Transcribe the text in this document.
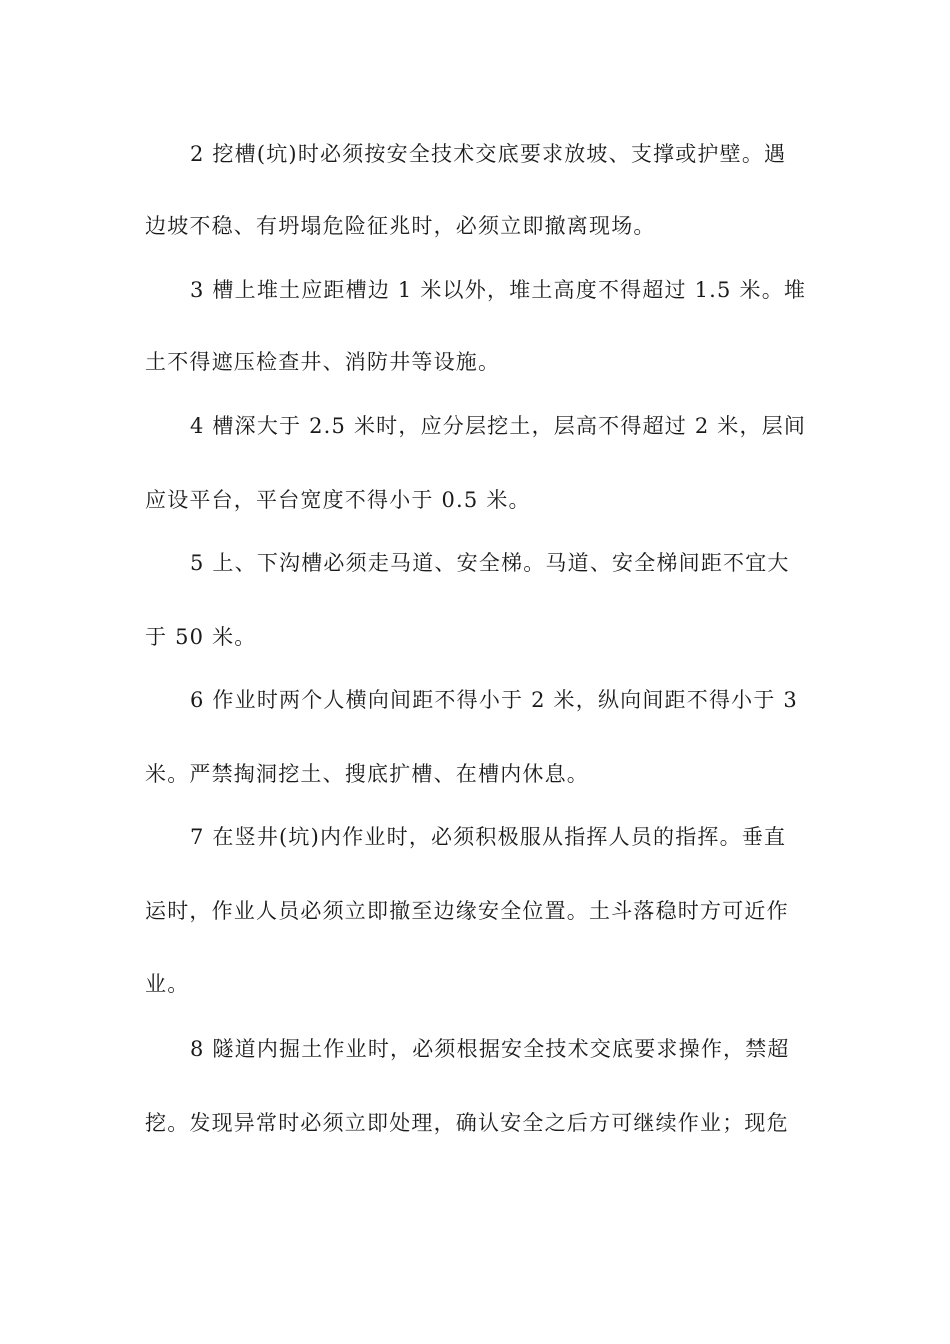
2 挖槽(坑)时必须按安全技术交底要求放坡、支撑或护壁。遇
边坡不稳、有坍塌危险征兆时，必须立即撤离现场。
3 槽上堆土应距槽边 1 米以外，堆土高度不得超过 1.5 米。堆
土不得遮压检查井、消防井等设施。
4 槽深大于 2.5 米时，应分层挖土，层高不得超过 2 米，层间
应设平台，平台宽度不得小于 0.5 米。
5 上、下沟槽必须走马道、安全梯。马道、安全梯间距不宜大
于 50 米。
6 作业时两个人横向间距不得小于 2 米，纵向间距不得小于 3
米。严禁掏洞挖土、搜底扩槽、在槽内休息。
7 在竖井(坑)内作业时，必须积极服从指挥人员的指挥。垂直
运时，作业人员必须立即撤至边缘安全位置。土斗落稳时方可近作
业。
8 隧道内掘土作业时，必须根据安全技术交底要求操作，禁超
挖。发现异常时必须立即处理，确认安全之后方可继续作业；现危
